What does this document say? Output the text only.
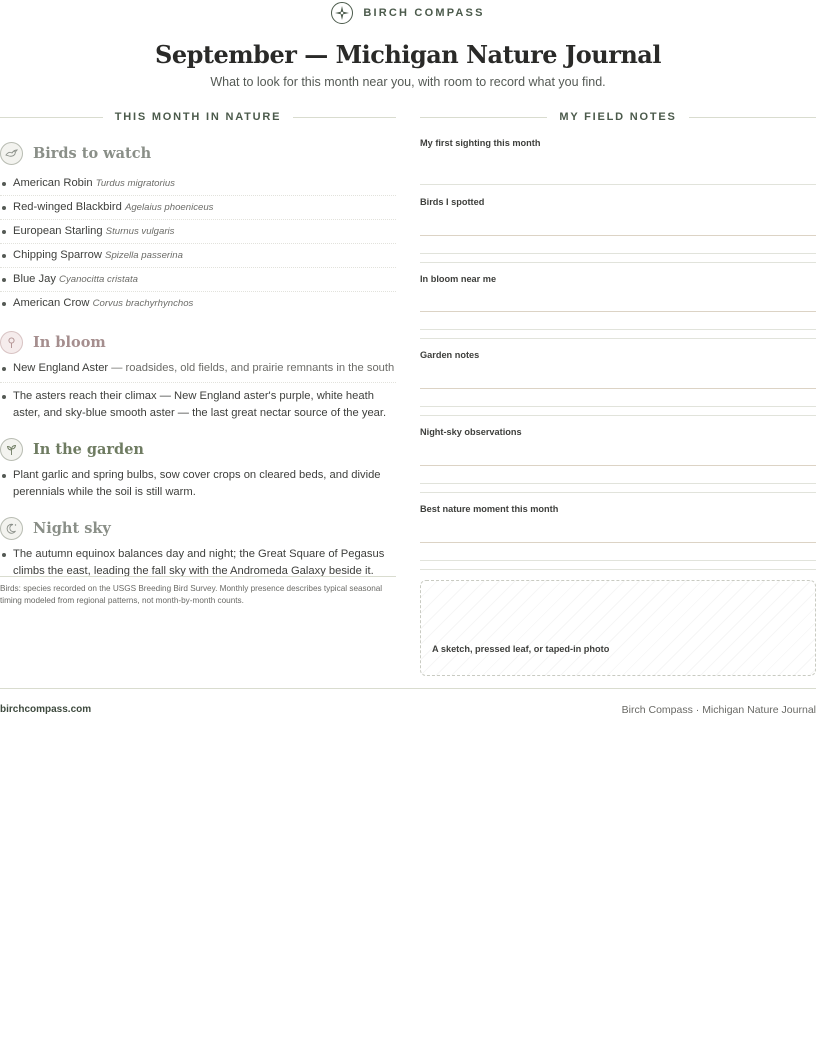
BIRCH COMPASS
September — Michigan Nature Journal
What to look for this month near you, with room to record what you find.
THIS MONTH IN NATURE
Birds to watch
American Robin Turdus migratorius
Red-winged Blackbird Agelaius phoeniceus
European Starling Sturnus vulgaris
Chipping Sparrow Spizella passerina
Blue Jay Cyanocitta cristata
American Crow Corvus brachyrhynchos
In bloom
New England Aster — roadsides, old fields, and prairie remnants in the south
The asters reach their climax — New England aster's purple, white heath aster, and sky-blue smooth aster — the last great nectar source of the year.
In the garden
Plant garlic and spring bulbs, sow cover crops on cleared beds, and divide perennials while the soil is still warm.
Night sky
The autumn equinox balances day and night; the Great Square of Pegasus climbs the east, leading the fall sky with the Andromeda Galaxy beside it.
Birds: species recorded on the USGS Breeding Bird Survey. Monthly presence describes typical seasonal timing modeled from regional patterns, not month-by-month counts.
MY FIELD NOTES
My first sighting this month
Birds I spotted
In bloom near me
Garden notes
Night-sky observations
Best nature moment this month
A sketch, pressed leaf, or taped-in photo
birchcompass.com	Birch Compass · Michigan Nature Journal
